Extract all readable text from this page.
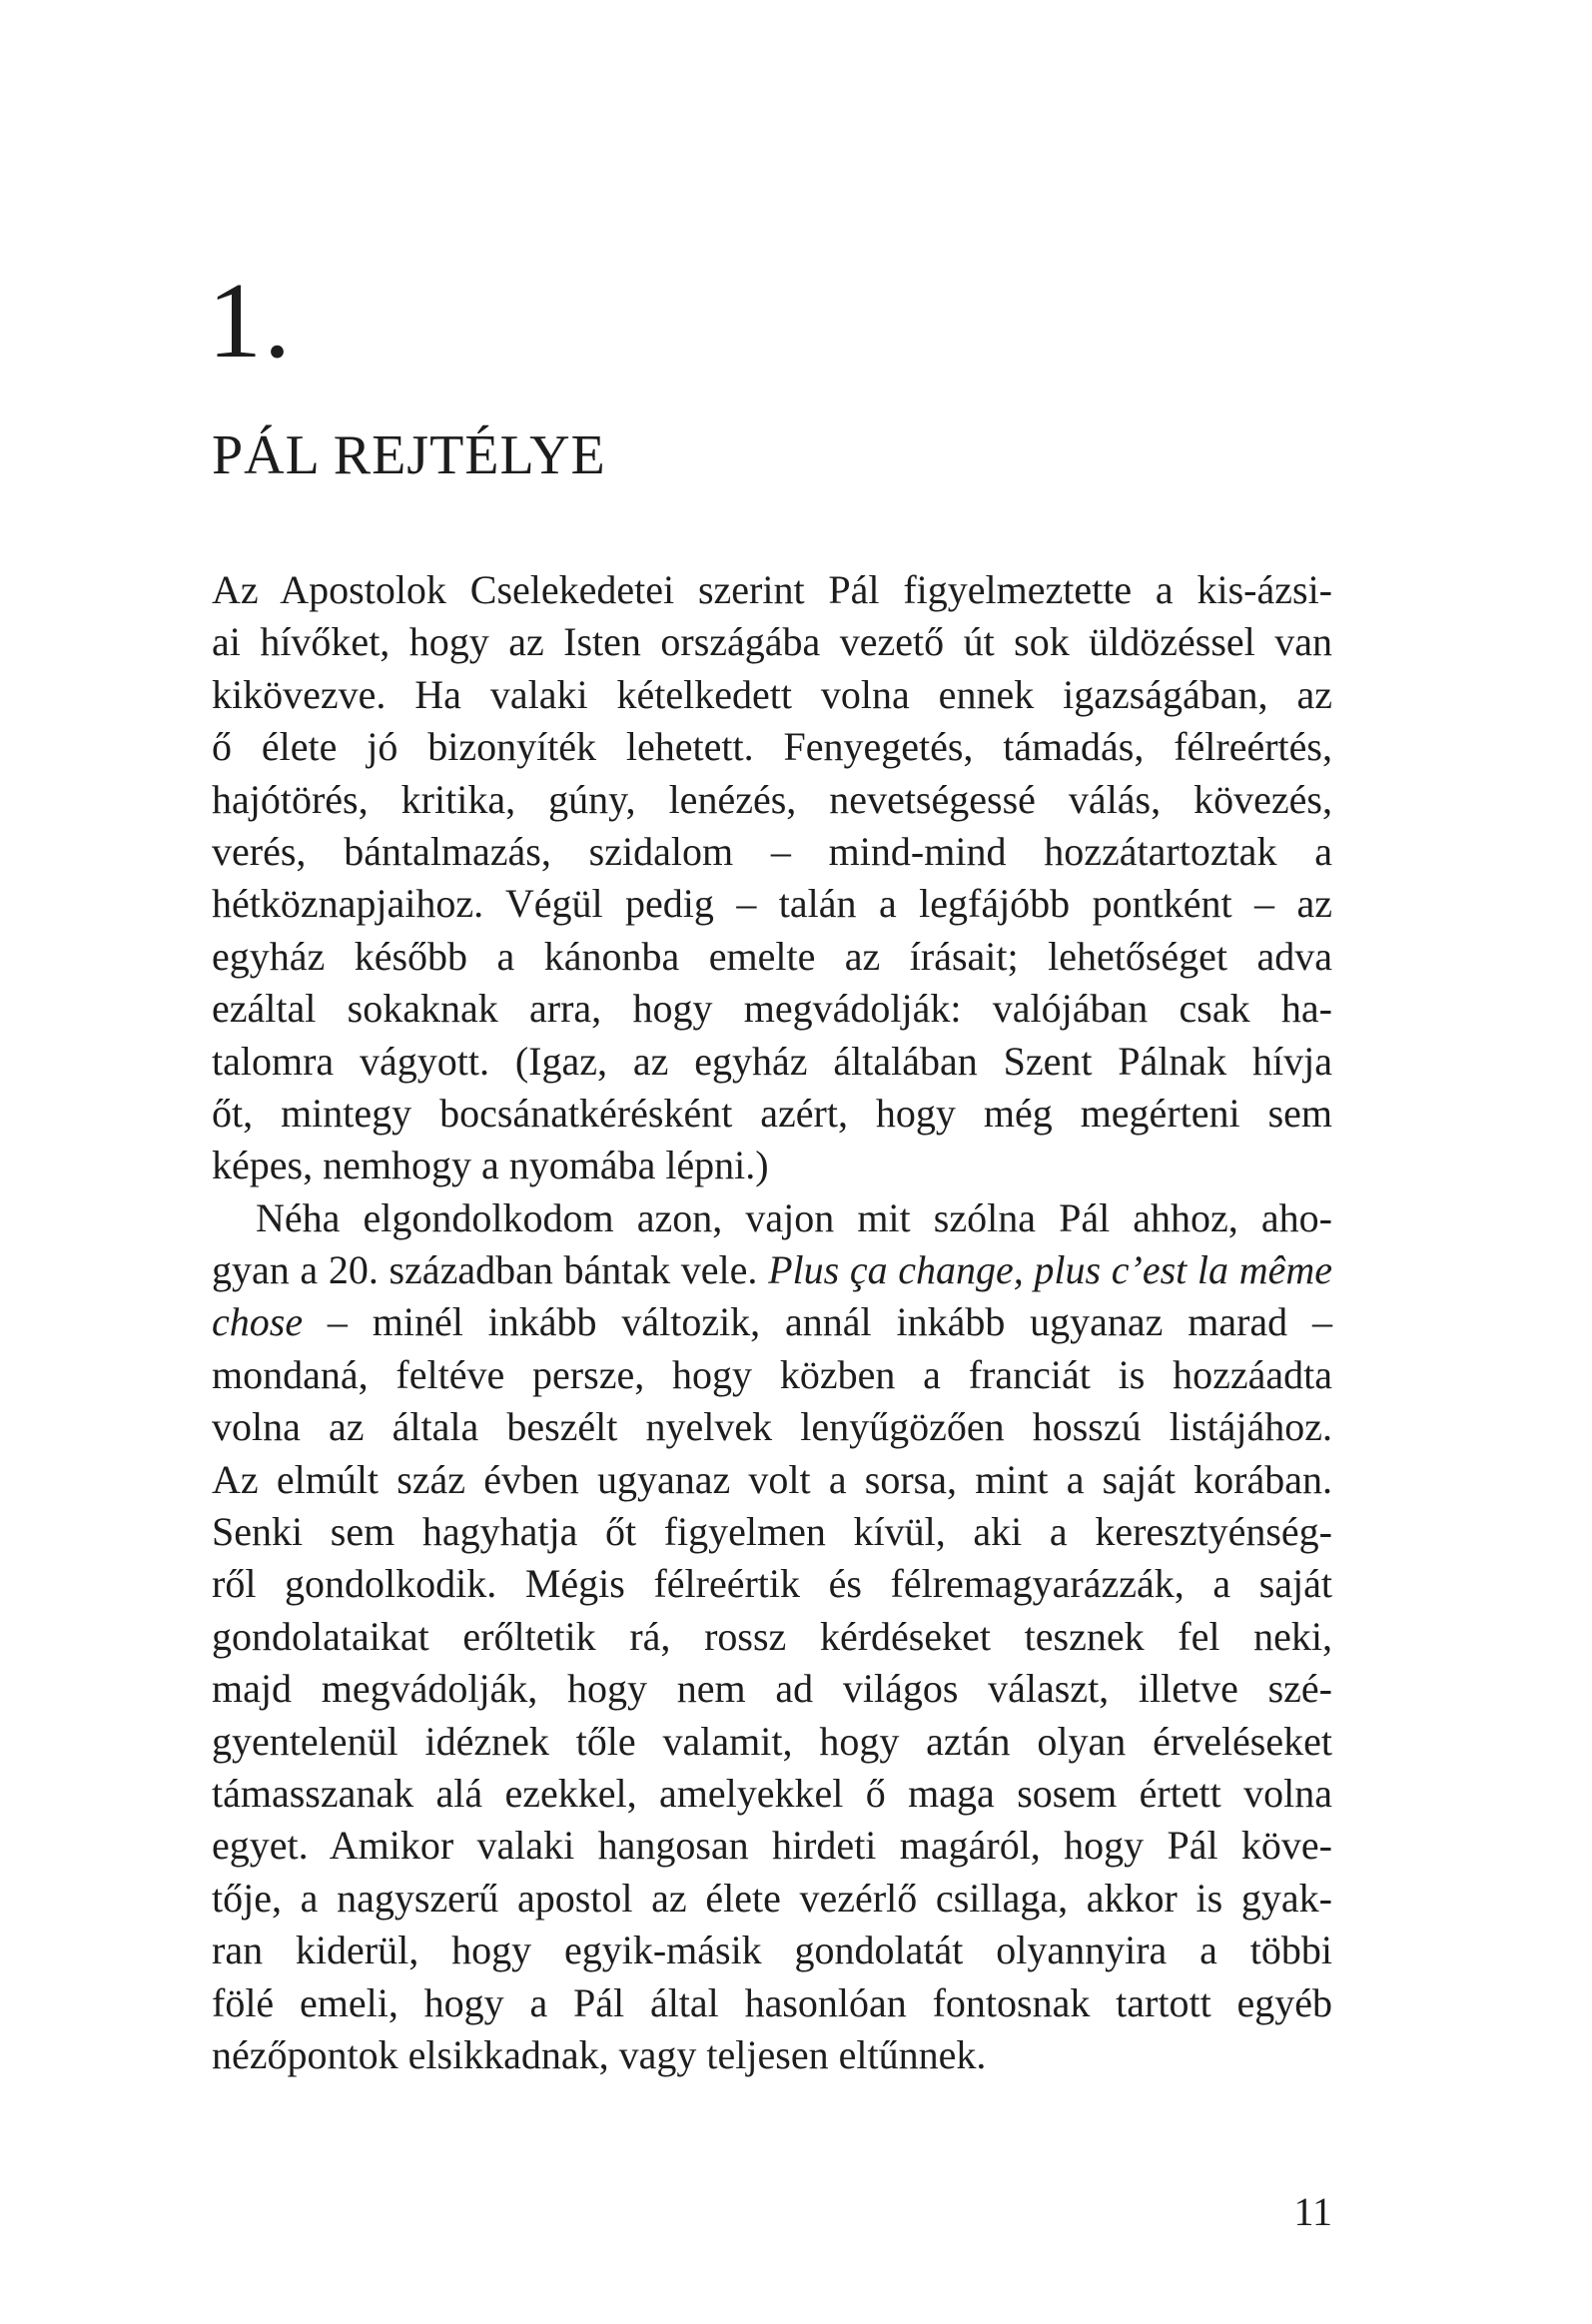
1.
PÁL REJTÉLYE
Az Apostolok Cselekedetei szerint Pál figyelmeztette a kis-ázsi-
ai hívőket, hogy az Isten országába vezető út sok üldözéssel van
kikövezve. Ha valaki kételkedett volna ennek igazságában, az
ő élete jó bizonyíték lehetett. Fenyegetés, támadás, félreértés,
hajótörés, kritika, gúny, lenézés, nevetségessé válás, kövezés,
verés, bántalmazás, szidalom – mind-mind hozzátartoztak a
hétköznapjaihoz. Végül pedig – talán a legfájóbb pontként – az
egyház később a kánonba emelte az írásait; lehetőséget adva
ezáltal sokaknak arra, hogy megvádolják: valójában csak ha-
talomra vágyott. (Igaz, az egyház általában Szent Pálnak hívja
őt, mintegy bocsánatkérésként azért, hogy még megérteni sem
képes, nemhogy a nyomába lépni.)
Néha elgondolkodom azon, vajon mit szólna Pál ahhoz, aho-
gyan a 20. században bántak vele. Plus ça change, plus c’est la même
chose – minél inkább változik, annál inkább ugyanaz marad –
mondaná, feltéve persze, hogy közben a franciát is hozzáadta
volna az általa beszélt nyelvek lenyűgözően hosszú listájához.
Az elmúlt száz évben ugyanaz volt a sorsa, mint a saját korában.
Senki sem hagyhatja őt figyelmen kívül, aki a keresztyénség-
ről gondolkodik. Mégis félreértik és félremagyarázzák, a saját
gondolataikat erőltetik rá, rossz kérdéseket tesznek fel neki,
majd megvádolják, hogy nem ad világos választ, illetve szé-
gyentelenül idéznek tőle valamit, hogy aztán olyan érveléseket
támasszanak alá ezekkel, amelyekkel ő maga sosem értett volna
egyet. Amikor valaki hangosan hirdeti magáról, hogy Pál köve-
tője, a nagyszerű apostol az élete vezérlő csillaga, akkor is gyak-
ran kiderül, hogy egyik-másik gondolatát olyannyira a többi
fölé emeli, hogy a Pál által hasonlóan fontosnak tartott egyéb
nézőpontok elsikkadnak, vagy teljesen eltűnnek.
11
